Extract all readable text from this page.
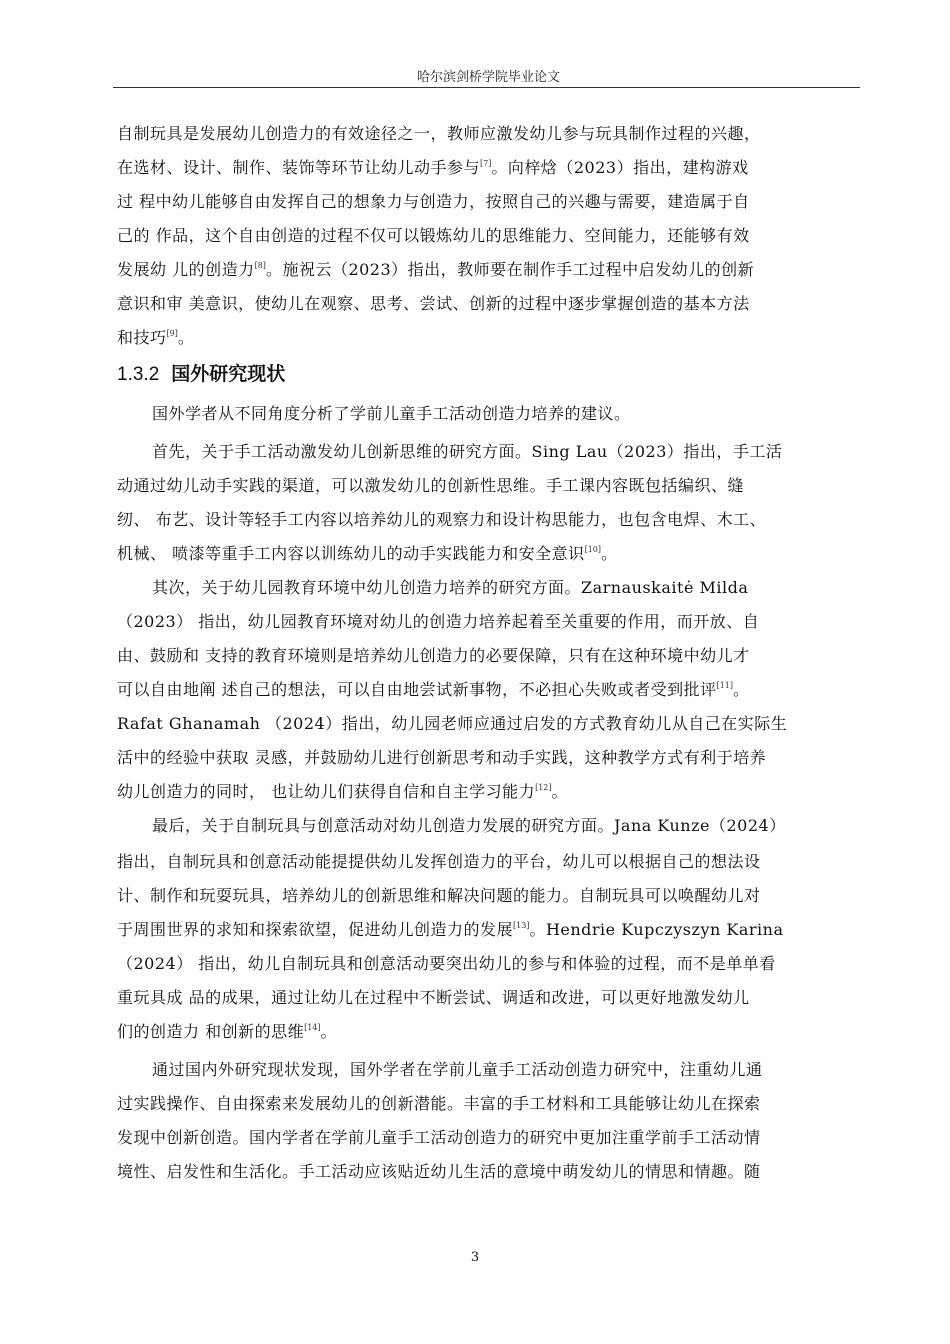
哈尔滨剑桥学院毕业论文
1.3.2 国外研究现状
自制玩具是发展幼儿创造力的有效途径之一，教师应激发幼儿参与玩具制作过程的兴趣，
在选材、设计、制作、装饰等环节让幼儿动手参与[7]。向梓焓（2023）指出，建构游戏
过 程中幼儿能够自由发挥自己的想象力与创造力，按照自己的兴趣与需要，建造属于自
己的 作品，这个自由创造的过程不仅可以锻炼幼儿的思维能力、空间能力，还能够有效
发展幼 儿的创造力[8]。施祝云（2023）指出，教师要在制作手工过程中启发幼儿的创新
意识和审 美意识，使幼儿在观察、思考、尝试、创新的过程中逐步掌握创造的基本方法
和技巧[9]。
国外学者从不同角度分析了学前儿童手工活动创造力培养的建议。
首先，关于手工活动激发幼儿创新思维的研究方面。Sing Lau（2023）指出，手工活
动通过幼儿动手实践的渠道，可以激发幼儿的创新性思维。手工课内容既包括编织、缝
纫、 布艺、设计等轻手工内容以培养幼儿的观察力和设计构思能力，也包含电焊、木工、
机械、 喷漆等重手工内容以训练幼儿的动手实践能力和安全意识[10]。
其次，关于幼儿园教育环境中幼儿创造力培养的研究方面。Zarnauskaitė Milda
（2023） 指出，幼儿园教育环境对幼儿的创造力培养起着至关重要的作用，而开放、自
由、鼓励和 支持的教育环境则是培养幼儿创造力的必要保障，只有在这种环境中幼儿才
可以自由地阐 述自己的想法，可以自由地尝试新事物，不必担心失败或者受到批评[11]。
Rafat Ghanamah （2024）指出，幼儿园老师应通过启发的方式教育幼儿从自己在实际生
活中的经验中获取 灵感，并鼓励幼儿进行创新思考和动手实践，这种教学方式有利于培养
幼儿创造力的同时， 也让幼儿们获得自信和自主学习能力[12]。
最后，关于自制玩具与创意活动对幼儿创造力发展的研究方面。Jana Kunze（2024）
指出，自制玩具和创意活动能提提供幼儿发挥创造力的平台，幼儿可以根据自己的想法设
计、制作和玩耍玩具，培养幼儿的创新思维和解决问题的能力。自制玩具可以唤醒幼儿对
于周围世界的求知和探索欲望，促进幼儿创造力的发展[13]。Hendrie Kupczyszyn Karina
（2024） 指出，幼儿自制玩具和创意活动要突出幼儿的参与和体验的过程，而不是单单看
重玩具成 品的成果，通过让幼儿在过程中不断尝试、调适和改进，可以更好地激发幼儿
们的创造力 和创新的思维[14]。
通过国内外研究现状发现，国外学者在学前儿童手工活动创造力研究中，注重幼儿通
过实践操作、自由探索来发展幼儿的创新潜能。丰富的手工材料和工具能够让幼儿在探索
发现中创新创造。国内学者在学前儿童手工活动创造力的研究中更加注重学前手工活动情
境性、启发性和生活化。手工活动应该贴近幼儿生活的意境中萌发幼儿的情思和情趣。随
3
